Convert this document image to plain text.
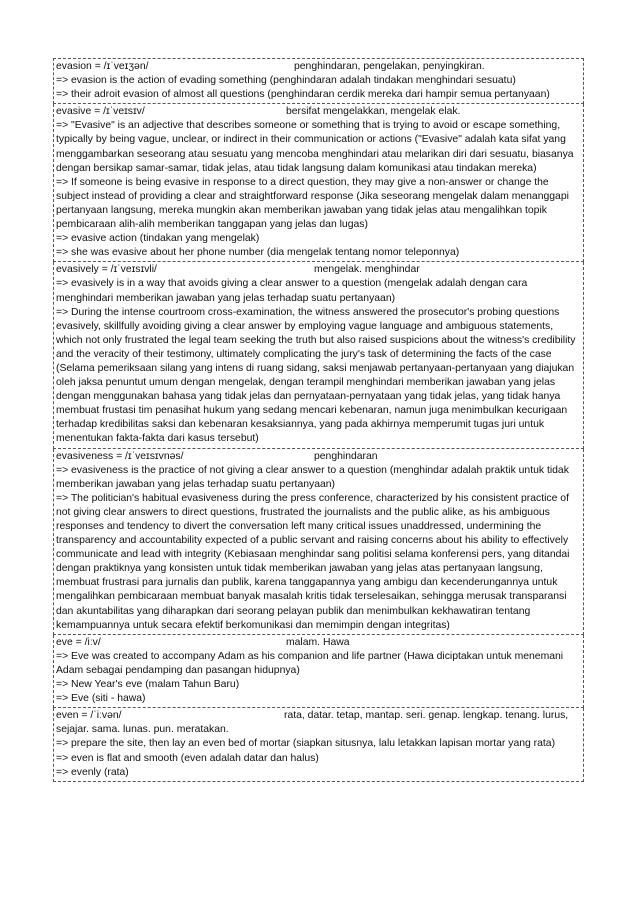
evasion = /ɪˈveɪʒən/	penghindaran, pengelakan, penyingkiran.
=> evasion is the action of evading something (penghindaran adalah tindakan menghindari sesuatu)
=> their adroit evasion of almost all questions (penghindaran cerdik mereka dari hampir semua pertanyaan)
evasive = /ɪˈveɪsɪv/	bersifat mengelakkan, mengelak elak.
=> "Evasive" is an adjective that describes someone or something that is trying to avoid or escape something, typically by being vague, unclear, or indirect in their communication or actions ("Evasive" adalah kata sifat yang menggambarkan seseorang atau sesuatu yang mencoba menghindari atau melarikan diri dari sesuatu, biasanya dengan bersikap samar-samar, tidak jelas, atau tidak langsung dalam komunikasi atau tindakan mereka)
=> If someone is being evasive in response to a direct question, they may give a non-answer or change the subject instead of providing a clear and straightforward response (Jika seseorang mengelak dalam menanggapi pertanyaan langsung, mereka mungkin akan memberikan jawaban yang tidak jelas atau mengalihkan topik pembicaraan alih-alih memberikan tanggapan yang jelas dan lugas)
=> evasive action (tindakan yang mengelak)
=> she was evasive about her phone number (dia mengelak tentang nomor teleponnya)
evasively = /ɪˈveɪsɪvli/	mengelak. menghindar
=> evasively is in a way that avoids giving a clear answer to a question (mengelak adalah dengan cara menghindari memberikan jawaban yang jelas terhadap suatu pertanyaan)
=> During the intense courtroom cross-examination, the witness answered the prosecutor's probing questions evasively, skillfully avoiding giving a clear answer by employing vague language and ambiguous statements, which not only frustrated the legal team seeking the truth but also raised suspicions about the witness's credibility and the veracity of their testimony, ultimately complicating the jury's task of determining the facts of the case (Selama pemeriksaan silang yang intens di ruang sidang, saksi menjawab pertanyaan-pertanyaan yang diajukan oleh jaksa penuntut umum dengan mengelak, dengan terampil menghindari memberikan jawaban yang jelas dengan menggunakan bahasa yang tidak jelas dan pernyataan-pernyataan yang tidak jelas, yang tidak hanya membuat frustasi tim penasihat hukum yang sedang mencari kebenaran, namun juga menimbulkan kecurigaan terhadap kredibilitas saksi dan kebenaran kesaksiannya, yang pada akhirnya memperumit tugas juri untuk menentukan fakta-fakta dari kasus tersebut)
evasiveness = /ɪˈveɪsɪvnəs/	penghindaran
=> evasiveness is the practice of not giving a clear answer to a question (menghindar adalah praktik untuk tidak memberikan jawaban yang jelas terhadap suatu pertanyaan)
=> The politician's habitual evasiveness during the press conference, characterized by his consistent practice of not giving clear answers to direct questions, frustrated the journalists and the public alike, as his ambiguous responses and tendency to divert the conversation left many critical issues unaddressed, undermining the transparency and accountability expected of a public servant and raising concerns about his ability to effectively communicate and lead with integrity (Kebiasaan menghindar sang politisi selama konferensi pers, yang ditandai dengan praktiknya yang konsisten untuk tidak memberikan jawaban yang jelas atas pertanyaan langsung, membuat frustrasi para jurnalis dan publik, karena tanggapannya yang ambigu dan kecenderungannya untuk mengalihkan pembicaraan membuat banyak masalah kritis tidak terselesaikan, sehingga merusak transparansi dan akuntabilitas yang diharapkan dari seorang pelayan publik dan menimbulkan kekhawatiran tentang kemampuannya untuk secara efektif berkomunikasi dan memimpin dengan integritas)
eve = /iːv/	malam. Hawa
=> Eve was created to accompany Adam as his companion and life partner (Hawa diciptakan untuk menemani Adam sebagai pendamping dan pasangan hidupnya)
=> New Year's eve (malam Tahun Baru)
=> Eve (siti - hawa)
even = /ˈiːvən/	rata, datar. tetap, mantap. seri. genap. lengkap. tenang. lurus, sejajar. sama. lunas. pun. meratakan.
=> prepare the site, then lay an even bed of mortar (siapkan situsnya, lalu letakkan lapisan mortar yang rata)
=> even is flat and smooth (even adalah datar dan halus)
=> evenly (rata)
